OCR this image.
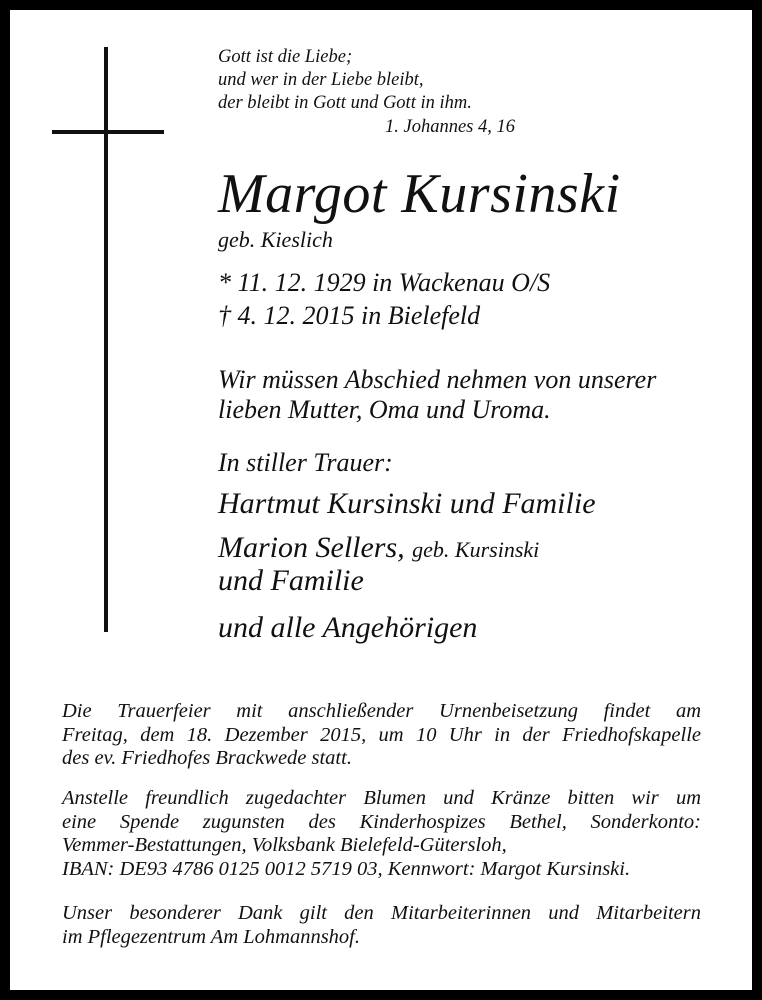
Gott ist die Liebe;
und wer in der Liebe bleibt,
der bleibt in Gott und Gott in ihm.
1. Johannes 4, 16
Margot Kursinski
geb. Kieslich
* 11. 12. 1929 in Wackenau O/S
† 4. 12. 2015 in Bielefeld
Wir müssen Abschied nehmen von unserer
lieben Mutter, Oma und Uroma.
In stiller Trauer:
Hartmut Kursinski und Familie
Marion Sellers, geb. Kursinski
und Familie
und alle Angehörigen
Die Trauerfeier mit anschließender Urnenbeisetzung findet am
Freitag, dem 18. Dezember 2015, um 10 Uhr in der Friedhofskapelle
des ev. Friedhofes Brackwede statt.
Anstelle freundlich zugedachter Blumen und Kränze bitten wir um
eine Spende zugunsten des Kinderhospizes Bethel, Sonderkonto:
Vemmer-Bestattungen, Volksbank Bielefeld-Gütersloh,
IBAN: DE93 4786 0125 0012 5719 03, Kennwort: Margot Kursinski.
Unser besonderer Dank gilt den Mitarbeiterinnen und Mitarbeitern
im Pflegezentrum Am Lohmannshof.
